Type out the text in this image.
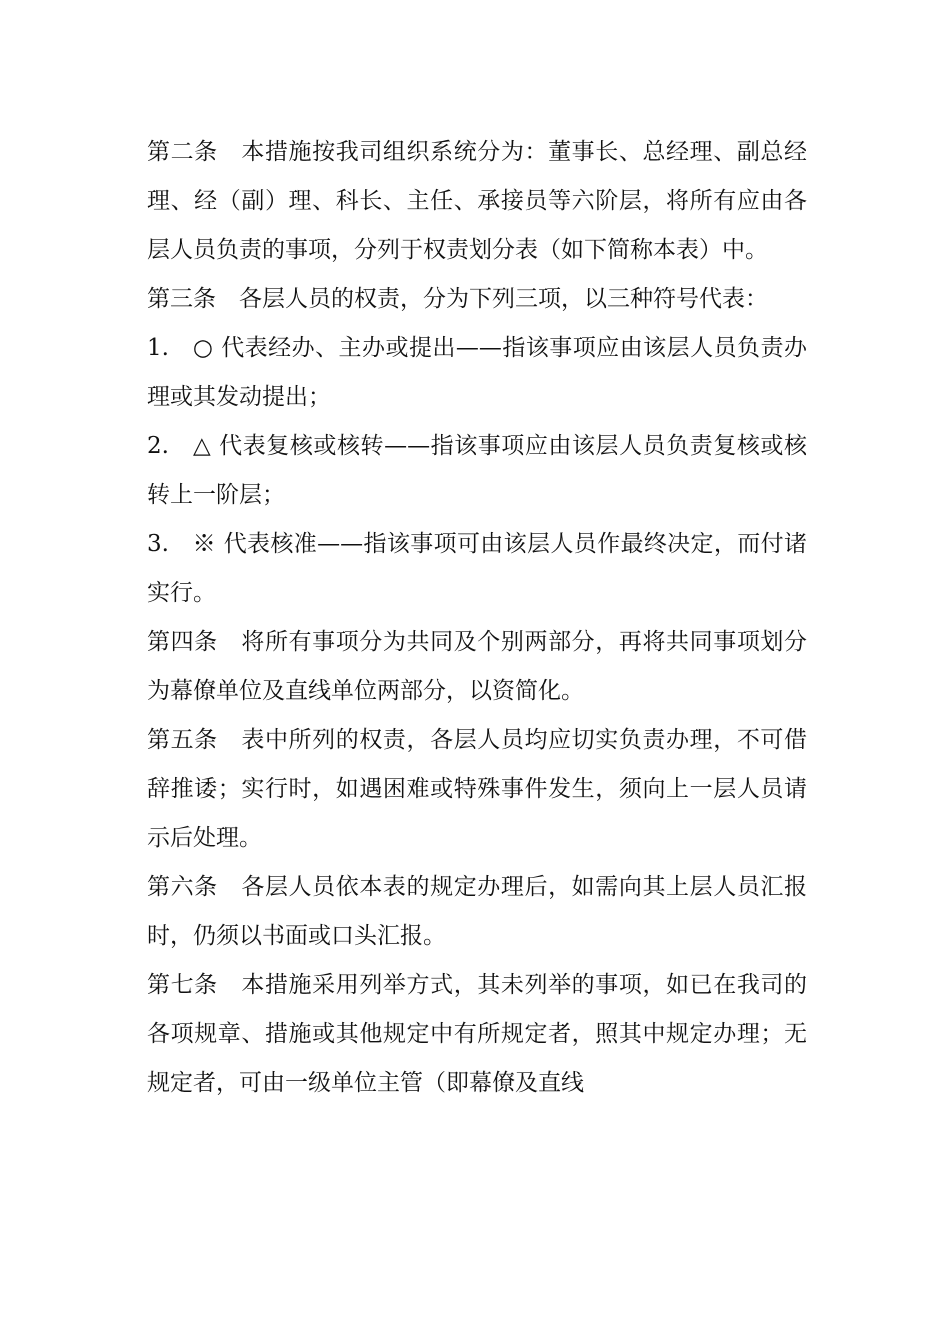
第二条　本措施按我司组织系统分为：董事长、总经理、副总经理、经（副）理、科长、主任、承接员等六阶层，将所有应由各层人员负责的事项，分列于权责划分表（如下简称本表）中。

第三条　各层人员的权责，分为下列三项，以三种符号代表：

1.　○ 代表经办、主办或提出——指该事项应由该层人员负责办理或其发动提出；

2.　△ 代表复核或核转——指该事项应由该层人员负责复核或核转上一阶层；

3.　※ 代表核准——指该事项可由该层人员作最终决定，而付诸实行。

第四条　将所有事项分为共同及个别两部分，再将共同事项划分为幕僚单位及直线单位两部分，以资简化。

第五条　表中所列的权责，各层人员均应切实负责办理，不可借辞推诿；实行时，如遇困难或特殊事件发生，须向上一层人员请示后处理。

第六条　各层人员依本表的规定办理后，如需向其上层人员汇报时，仍须以书面或口头汇报。

第七条　本措施采用列举方式，其未列举的事项，如已在我司的各项规章、措施或其他规定中有所规定者，照其中规定办理；无规定者，可由一级单位主管（即幕僚及直线
